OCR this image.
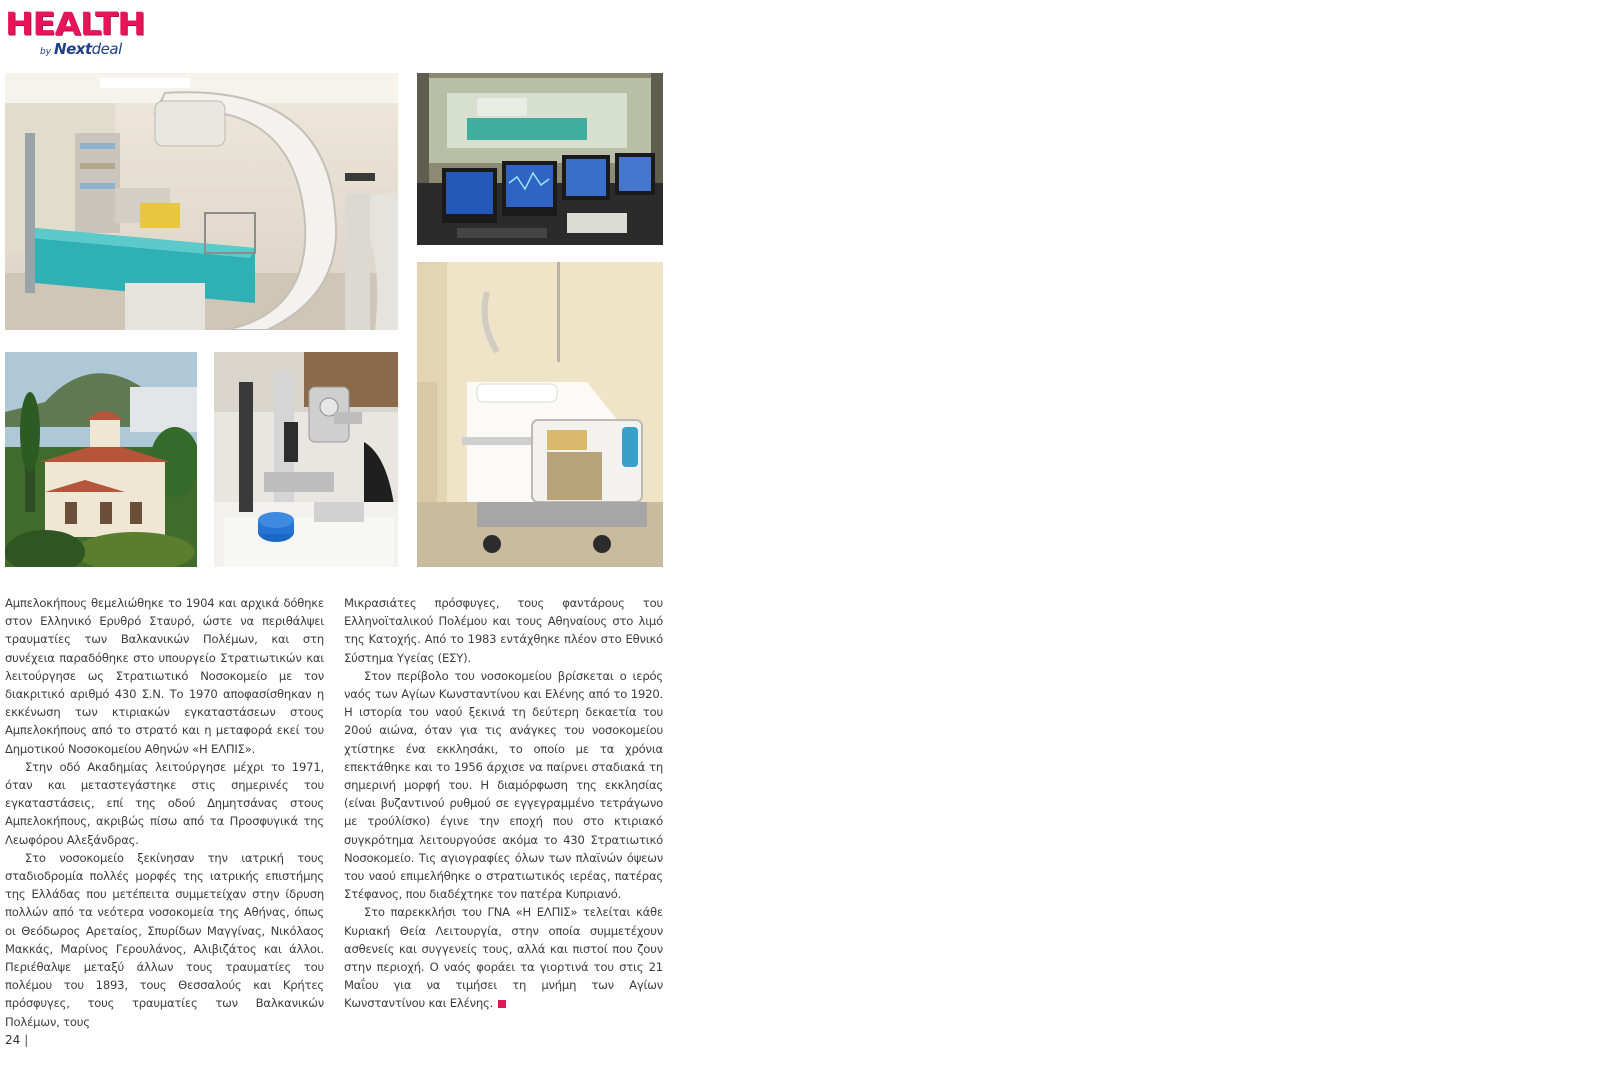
HEALTH
by Nextdeal

Αμπελοκήπους θεμελιώθηκε το 1904 και αρχικά δόθηκε στον Ελληνικό Ερυθρό Σταυρό, ώστε να περιθάλψει τραυματίες των Βαλκανικών Πολέμων, και στη συνέχεια παραδόθηκε στο υπουργείο Στρατιωτικών και λειτούργησε ως Στρατιωτικό Νοσοκομείο με τον διακριτικό αριθμό 430 Σ.Ν. Το 1970 αποφασίσθηκαν η εκκένωση των κτιριακών εγκαταστάσεων στους Αμπελοκήπους από το στρατό και η μεταφορά εκεί του Δημοτικού Νοσοκομείου Αθηνών «Η ΕΛΠΙΣ».

Στην οδό Ακαδημίας λειτούργησε μέχρι το 1971, όταν και μεταστεγάστηκε στις σημερινές του εγκαταστάσεις, επί της οδού Δημητσάνας στους Αμπελοκήπους, ακριβώς πίσω από τα Προσφυγικά της Λεωφόρου Αλεξάνδρας.

Στο νοσοκομείο ξεκίνησαν την ιατρική τους σταδιοδρομία πολλές μορφές της ιατρικής επιστήμης της Ελλάδας που μετέπειτα συμμετείχαν στην ίδρυση πολλών από τα νεότερα νοσοκομεία της Αθήνας, όπως οι Θεόδωρος Αρεταίος, Σπυρίδων Μαγγίνας, Νικόλαος Μακκάς, Μαρίνος Γερουλάνος, Αλιβιζάτος και άλλοι. Περιέθαλψε μεταξύ άλλων τους τραυματίες του πολέμου του 1893, τους Θεσσαλούς και Κρήτες πρόσφυγες, τους τραυματίες των Βαλκανικών Πολέμων, τους

Μικρασιάτες πρόσφυγες, τους φαντάρους του Ελληνοϊταλικού Πολέμου και τους Αθηναίους στο λιμό της Κατοχής. Από το 1983 εντάχθηκε πλέον στο Εθνικό Σύστημα Υγείας (ΕΣΥ).

Στον περίβολο του νοσοκομείου βρίσκεται ο ιερός ναός των Αγίων Κωνσταντίνου και Ελένης από το 1920. Η ιστορία του ναού ξεκινά τη δεύτερη δεκαετία του 20ού αιώνα, όταν για τις ανάγκες του νοσοκομείου χτίστηκε ένα εκκλησάκι, το οποίο με τα χρόνια επεκτάθηκε και το 1956 άρχισε να παίρνει σταδιακά τη σημερινή μορφή του. Η διαμόρφωση της εκκλησίας (είναι βυζαντινού ρυθμού σε εγγεγραμμένο τετράγωνο με τρούλίσκο) έγινε την εποχή που στο κτιριακό συγκρότημα λειτουργούσε ακόμα το 430 Στρατιωτικό Νοσοκομείο. Τις αγιογραφίες όλων των πλαϊνών όψεων του ναού επιμελήθηκε ο στρατιωτικός ιερέας, πατέρας Στέφανος, που διαδέχτηκε τον πατέρα Κυπριανό.

Στο παρεκκλήσι του ΓΝΑ «Η ΕΛΠΙΣ» τελείται κάθε Κυριακή Θεία Λειτουργία, στην οποία συμμετέχουν ασθενείς και συγγενείς τους, αλλά και πιστοί που ζουν στην περιοχή. Ο ναός φοράει τα γιορτινά του στις 21 Μαΐου για να τιμήσει τη μνήμη των Αγίων Κωνσταντίνου και Ελένης.

24 |
